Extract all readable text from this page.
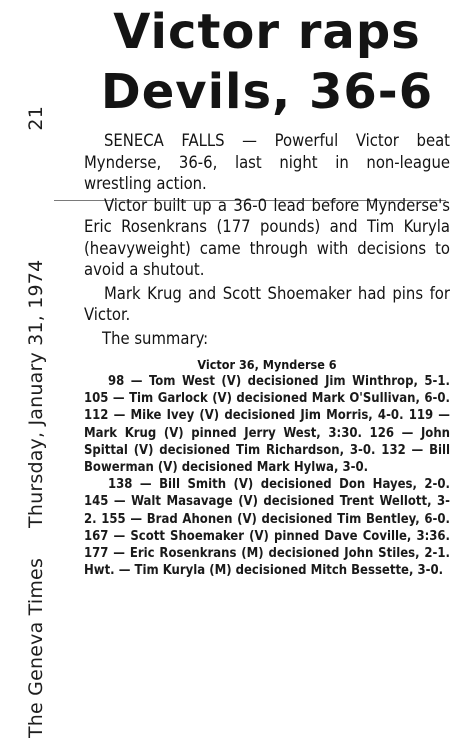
The Geneva Times
Thursday, January 31, 1974
21
Victor raps
Devils, 36-6

SENECA FALLS — Powerful Victor beat Mynderse, 36-6, last night in non-league wrestling action.

Victor built up a 36-0 lead before Mynderse's Eric Rosenkrans (177 pounds) and Tim Kuryla (heavyweight) came through with decisions to avoid a shutout.

Mark Krug and Scott Shoemaker had pins for Victor.

The summary:

Victor 36, Mynderse 6

98 — Tom West (V) decisioned Jim Winthrop, 5-1. 105 — Tim Garlock (V) decisioned Mark O'Sullivan, 6-0. 112 — Mike Ivey (V) decisioned Jim Morris, 4-0. 119 — Mark Krug (V) pinned Jerry West, 3:30. 126 — John Spittal (V) decisioned Tim Richardson, 3-0. 132 — Bill Bowerman (V) decisioned Mark Hylwa, 3-0.

138 — Bill Smith (V) decisioned Don Hayes, 2-0. 145 — Walt Masavage (V) decisioned Trent Wellott, 3-2. 155 — Brad Ahonen (V) decisioned Tim Bentley, 6-0. 167 — Scott Shoemaker (V) pinned Dave Coville, 3:36. 177 — Eric Rosenkrans (M) decisioned John Stiles, 2-1. Hwt. — Tim Kuryla (M) decisioned Mitch Bessette, 3-0.
